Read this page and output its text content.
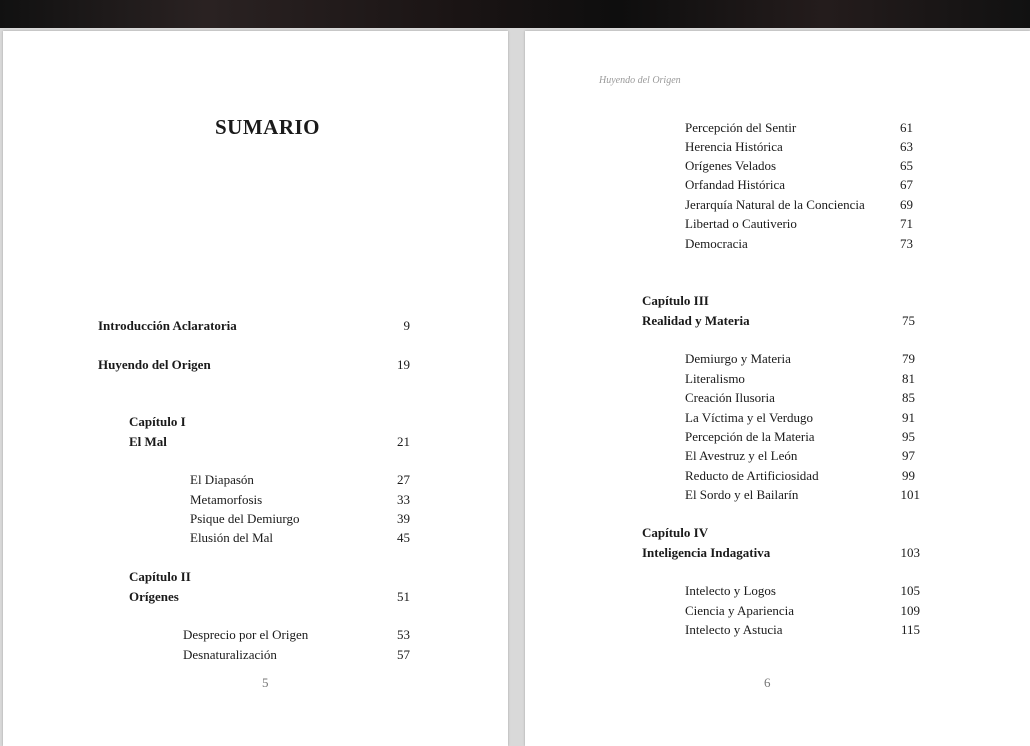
SUMARIO
Introducción Aclaratoria	9
Huyendo del Origen	19
Capítulo I
El Mal	21
El Diapasón	27
Metamorfosis	33
Psique del Demiurgo	39
Elusión del Mal	45
Capítulo II
Orígenes	51
Desprecio por el Origen	53
Desnaturalización	57
5
Huyendo del Origen
Percepción del Sentir	61
Herencia Histórica	63
Orígenes Velados	65
Orfandad Histórica	67
Jerarquía Natural de la Conciencia	69
Libertad o Cautiverio	71
Democracia	73
Capítulo III
Realidad y Materia	75
Demiurgo y Materia	79
Literalismo	81
Creación Ilusoria	85
La Víctima y el Verdugo	91
Percepción de la Materia	95
El Avestruz y el León	97
Reducto de Artificiosidad	99
El Sordo y el Bailarín	101
Capítulo IV
Inteligencia Indagativa	103
Intelecto y Logos	105
Ciencia y Apariencia	109
Intelecto y Astucia	115
6
